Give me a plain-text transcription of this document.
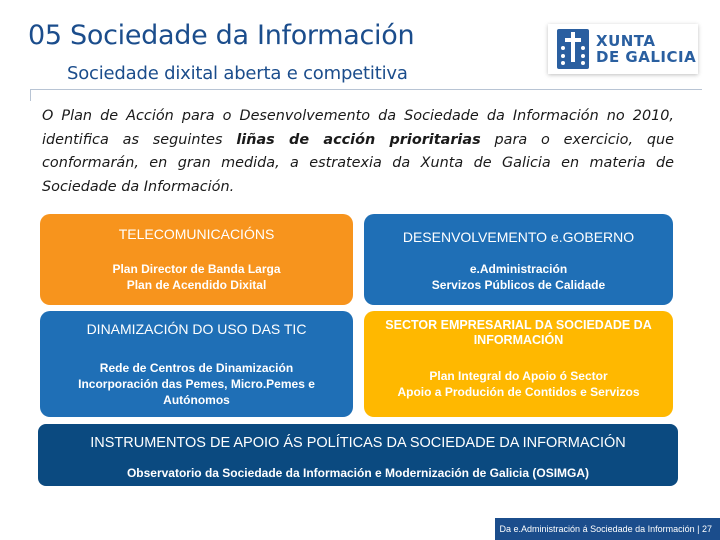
05 Sociedade da Información
Sociedade dixital aberta e competitiva
XUNTA
DE GALICIA
O Plan de Acción para o Desenvolvemento da Sociedade da Información no 2010, identifica as seguintes liñas de acción prioritarias para o exercicio, que conformarán, en gran medida, a estratexia da Xunta de Galicia en materia de Sociedade da Información.
TELECOMUNICACIÓNS
Plan Director de Banda Larga
Plan de Acendido Dixital
DESENVOLVEMENTO e.GOBERNO
e.Administración
Servizos Públicos de Calidade
DINAMIZACIÓN DO USO DAS TIC
Rede de Centros de Dinamización
Incorporación das Pemes, Micro.Pemes e Autónomos
SECTOR EMPRESARIAL DA SOCIEDADE DA INFORMACIÓN
Plan Integral do Apoio ó Sector
Apoio a Produción de Contidos e Servizos
INSTRUMENTOS DE APOIO ÁS POLÍTICAS DA SOCIEDADE DA INFORMACIÓN
Observatorio da Sociedade da Información e Modernización de Galicia (OSIMGA)
Da e.Administración á Sociedade da Información | 27
